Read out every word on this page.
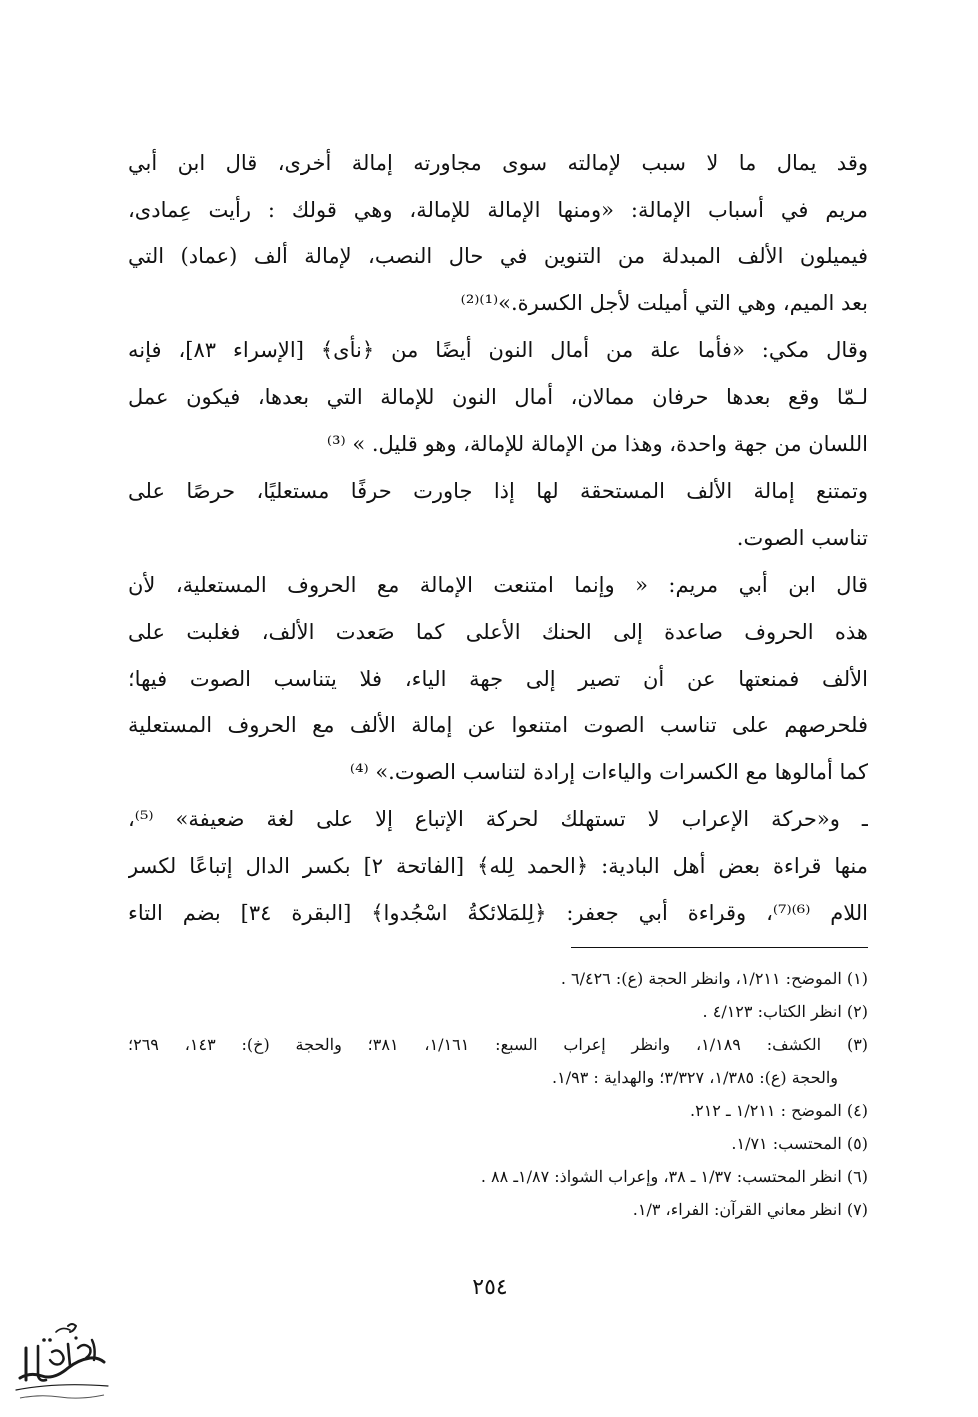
وقد يمال ما لا سبب لإمالته سوى مجاورته إمالة أخرى، قال ابن أبي
مريم في أسباب الإمالة: «ومنها الإمالة للإمالة، وهي قولك : رأيت عِمادى،
فيميلون الألف المبدلة من التنوين في حال النصب، لإمالة ألف (عماد) التي
بعد الميم، وهي التي أميلت لأجل الكسرة.»⁽¹⁾⁽²⁾
وقال مكي: «فأما علة من أمال النون أيضًا من ﴿نأى﴾ [الإسراء ٨٣]، فإنه
لـمّا وقع بعدها حرفان ممالان، أمال النون للإمالة التي بعدها، فيكون عمل
اللسان من جهة واحدة، وهذا من الإمالة للإمالة، وهو قليل. » ⁽³⁾
وتمتنع إمالة الألف المستحقة لها إذا جاورت حرفًا مستعليًا، حرصًا على
تناسب الصوت.
قال ابن أبي مريم: « وإنما امتنعت الإمالة مع الحروف المستعلية، لأن
هذه الحروف صاعدة إلى الحنك الأعلى كما صَعدت الألف، فغلبت على
الألف فمنعتها عن أن تصير إلى جهة الياء، فلا يتناسب الصوت فيها؛
فلحرصهم على تناسب الصوت امتنعوا عن إمالة الألف مع الحروف المستعلية
كما أمالوها مع الكسرات والياءات إرادة لتناسب الصوت.» ⁽⁴⁾
ـ و«حركة الإعراب لا تستهلك لحركة الإتباع إلا على لغة ضعيفة» ⁽⁵⁾،
منها قراءة بعض أهل البادية: ﴿الحمد لِله﴾ [الفاتحة ٢] بكسر الدال إتباعًا لكسر
اللام ⁽⁶⁾⁽⁷⁾، وقراءة أبي جعفر: ﴿لِلمَلائكةُ اسْجُدوا﴾ [البقرة ٣٤] بضم التاء
(١) الموضح: ١/٢١١، وانظر الحجة (ع): ٦/٤٢٦ .
(٢) انظر الكتاب: ٤/١٢٣ .
(٣) الكشف: ١/١٨٩، وانظر إعراب السبع: ١/١٦١، ٣٨١؛ والحجة (خ): ١٤٣، ٢٦٩؛
والحجة (ع): ١/٣٨٥، ٣/٣٢٧؛ والهداية : ١/٩٣.
(٤) الموضح : ١/٢١١ ـ ٢١٢.
(٥) المحتسب: ١/٧١.
(٦) انظر المحتسب: ١/٣٧ ـ ٣٨، وإعراب الشواذ: ١/٨٧ـ ٨٨ .
(٧) انظر معاني القرآن: الفراء، ١/٣.
٢٥٤
